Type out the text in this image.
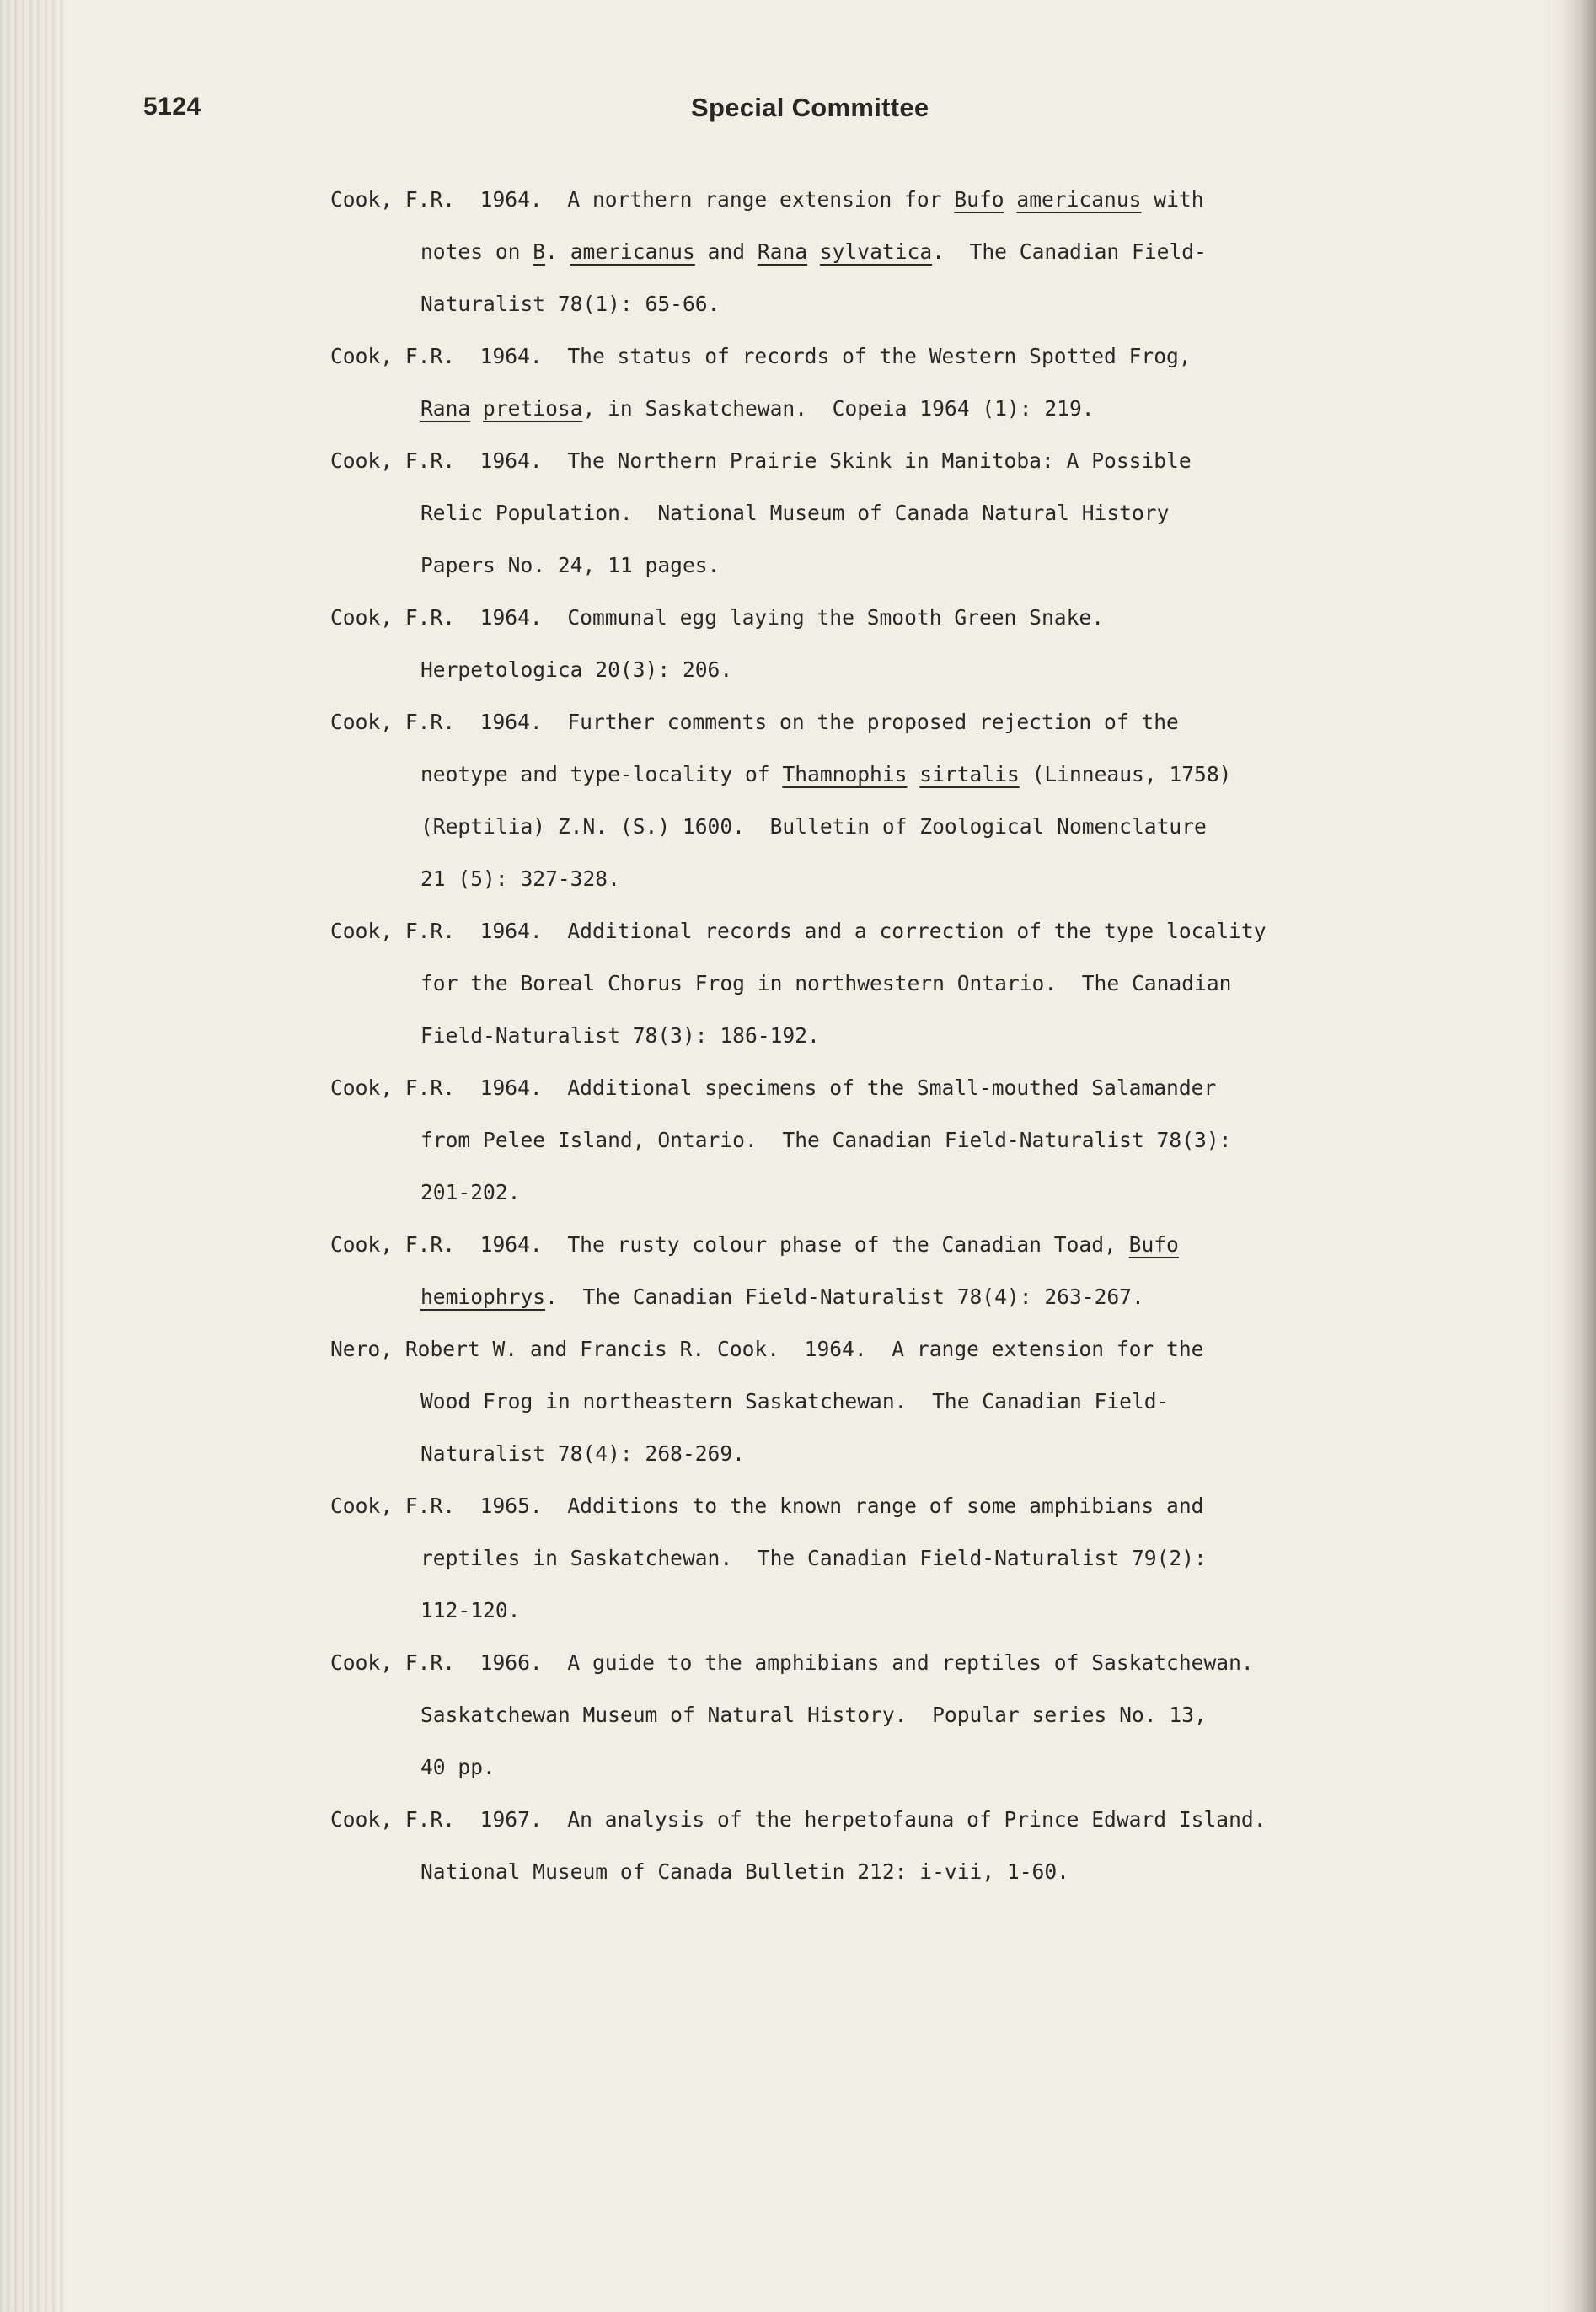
5124	Special Committee
Cook, F.R.  1964.  A northern range extension for Bufo americanus with
notes on B. americanus and Rana sylvatica.  The Canadian Field-
Naturalist 78(1): 65-66.
Cook, F.R.  1964.  The status of records of the Western Spotted Frog,
Rana pretiosa, in Saskatchewan.  Copeia 1964 (1): 219.
Cook, F.R.  1964.  The Northern Prairie Skink in Manitoba: A Possible
Relic Population.  National Museum of Canada Natural History
Papers No. 24, 11 pages.
Cook, F.R.  1964.  Communal egg laying the Smooth Green Snake.
Herpetologica 20(3): 206.
Cook, F.R.  1964.  Further comments on the proposed rejection of the
neotype and type-locality of Thamnophis sirtalis (Linneaus, 1758)
(Reptilia) Z.N. (S.) 1600.  Bulletin of Zoological Nomenclature
21 (5): 327-328.
Cook, F.R.  1964.  Additional records and a correction of the type locality
for the Boreal Chorus Frog in northwestern Ontario.  The Canadian
Field-Naturalist 78(3): 186-192.
Cook, F.R.  1964.  Additional specimens of the Small-mouthed Salamander
from Pelee Island, Ontario.  The Canadian Field-Naturalist 78(3):
201-202.
Cook, F.R.  1964.  The rusty colour phase of the Canadian Toad, Bufo
hemiophrys.  The Canadian Field-Naturalist 78(4): 263-267.
Nero, Robert W. and Francis R. Cook.  1964.  A range extension for the
Wood Frog in northeastern Saskatchewan.  The Canadian Field-
Naturalist 78(4): 268-269.
Cook, F.R.  1965.  Additions to the known range of some amphibians and
reptiles in Saskatchewan.  The Canadian Field-Naturalist 79(2):
112-120.
Cook, F.R.  1966.  A guide to the amphibians and reptiles of Saskatchewan.
Saskatchewan Museum of Natural History.  Popular series No. 13,
40 pp.
Cook, F.R.  1967.  An analysis of the herpetofauna of Prince Edward Island.
National Museum of Canada Bulletin 212: i-vii, 1-60.
